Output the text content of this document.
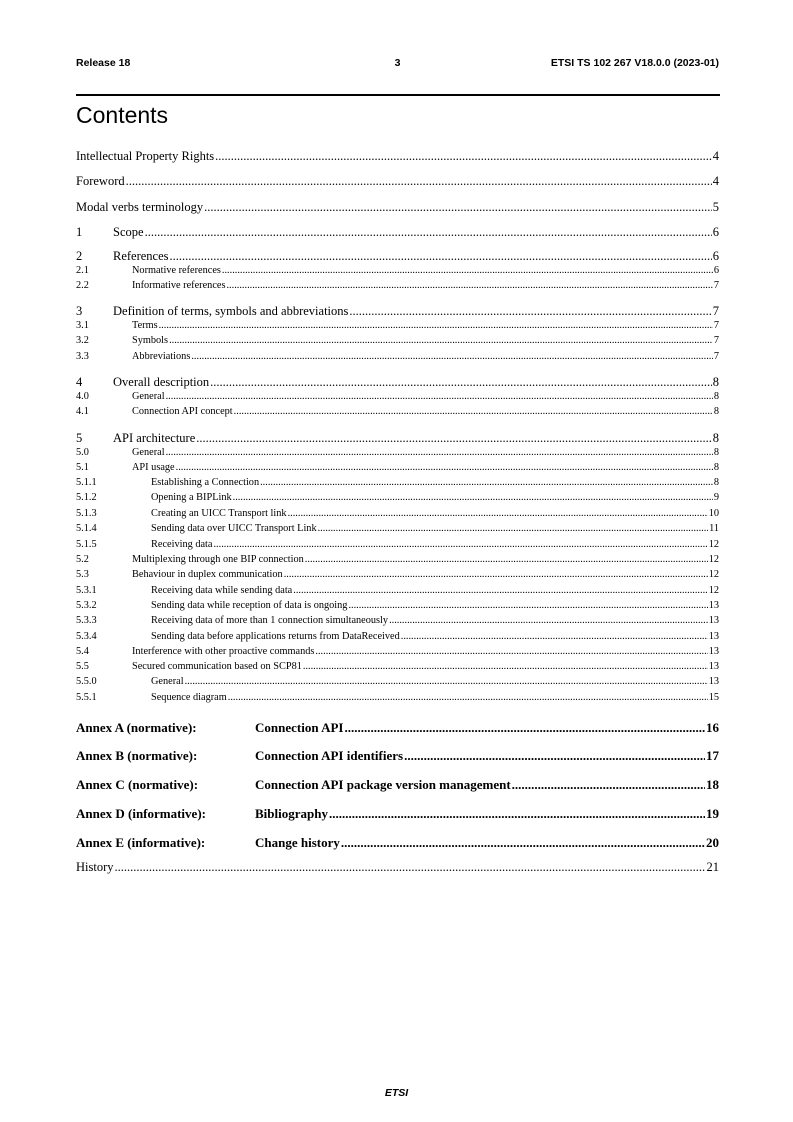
Release 18	3	ETSI TS 102 267 V18.0.0 (2023-01)
Contents
Intellectual Property Rights .....	4
Foreword .....	4
Modal verbs terminology .....	5
1	Scope .....	6
2	References .....	6
2.1	Normative references .....	6
2.2	Informative references .....	7
3	Definition of terms, symbols and abbreviations .....	7
3.1	Terms .....	7
3.2	Symbols .....	7
3.3	Abbreviations .....	7
4	Overall description .....	8
4.0	General .....	8
4.1	Connection API concept .....	8
5	API architecture .....	8
5.0	General .....	8
5.1	API usage .....	8
5.1.1	Establishing a Connection .....	8
5.1.2	Opening a BIPLink .....	9
5.1.3	Creating an UICC Transport link .....	10
5.1.4	Sending data over UICC Transport Link .....	11
5.1.5	Receiving data .....	12
5.2	Multiplexing through one BIP connection .....	12
5.3	Behaviour in duplex communication .....	12
5.3.1	Receiving data while sending data .....	12
5.3.2	Sending data while reception of data is ongoing .....	13
5.3.3	Receiving data of more than 1 connection simultaneously .....	13
5.3.4	Sending data before applications returns from DataReceived .....	13
5.4	Interference with other proactive commands .....	13
5.5	Secured communication based on SCP81 .....	13
5.5.0	General .....	13
5.5.1	Sequence diagram .....	15
Annex A (normative):	Connection API .....	16
Annex B (normative):	Connection API identifiers .....	17
Annex C (normative):	Connection API package version management .....	18
Annex D (informative):	Bibliography .....	19
Annex E (informative):	Change history .....	20
History .....	21
ETSI
